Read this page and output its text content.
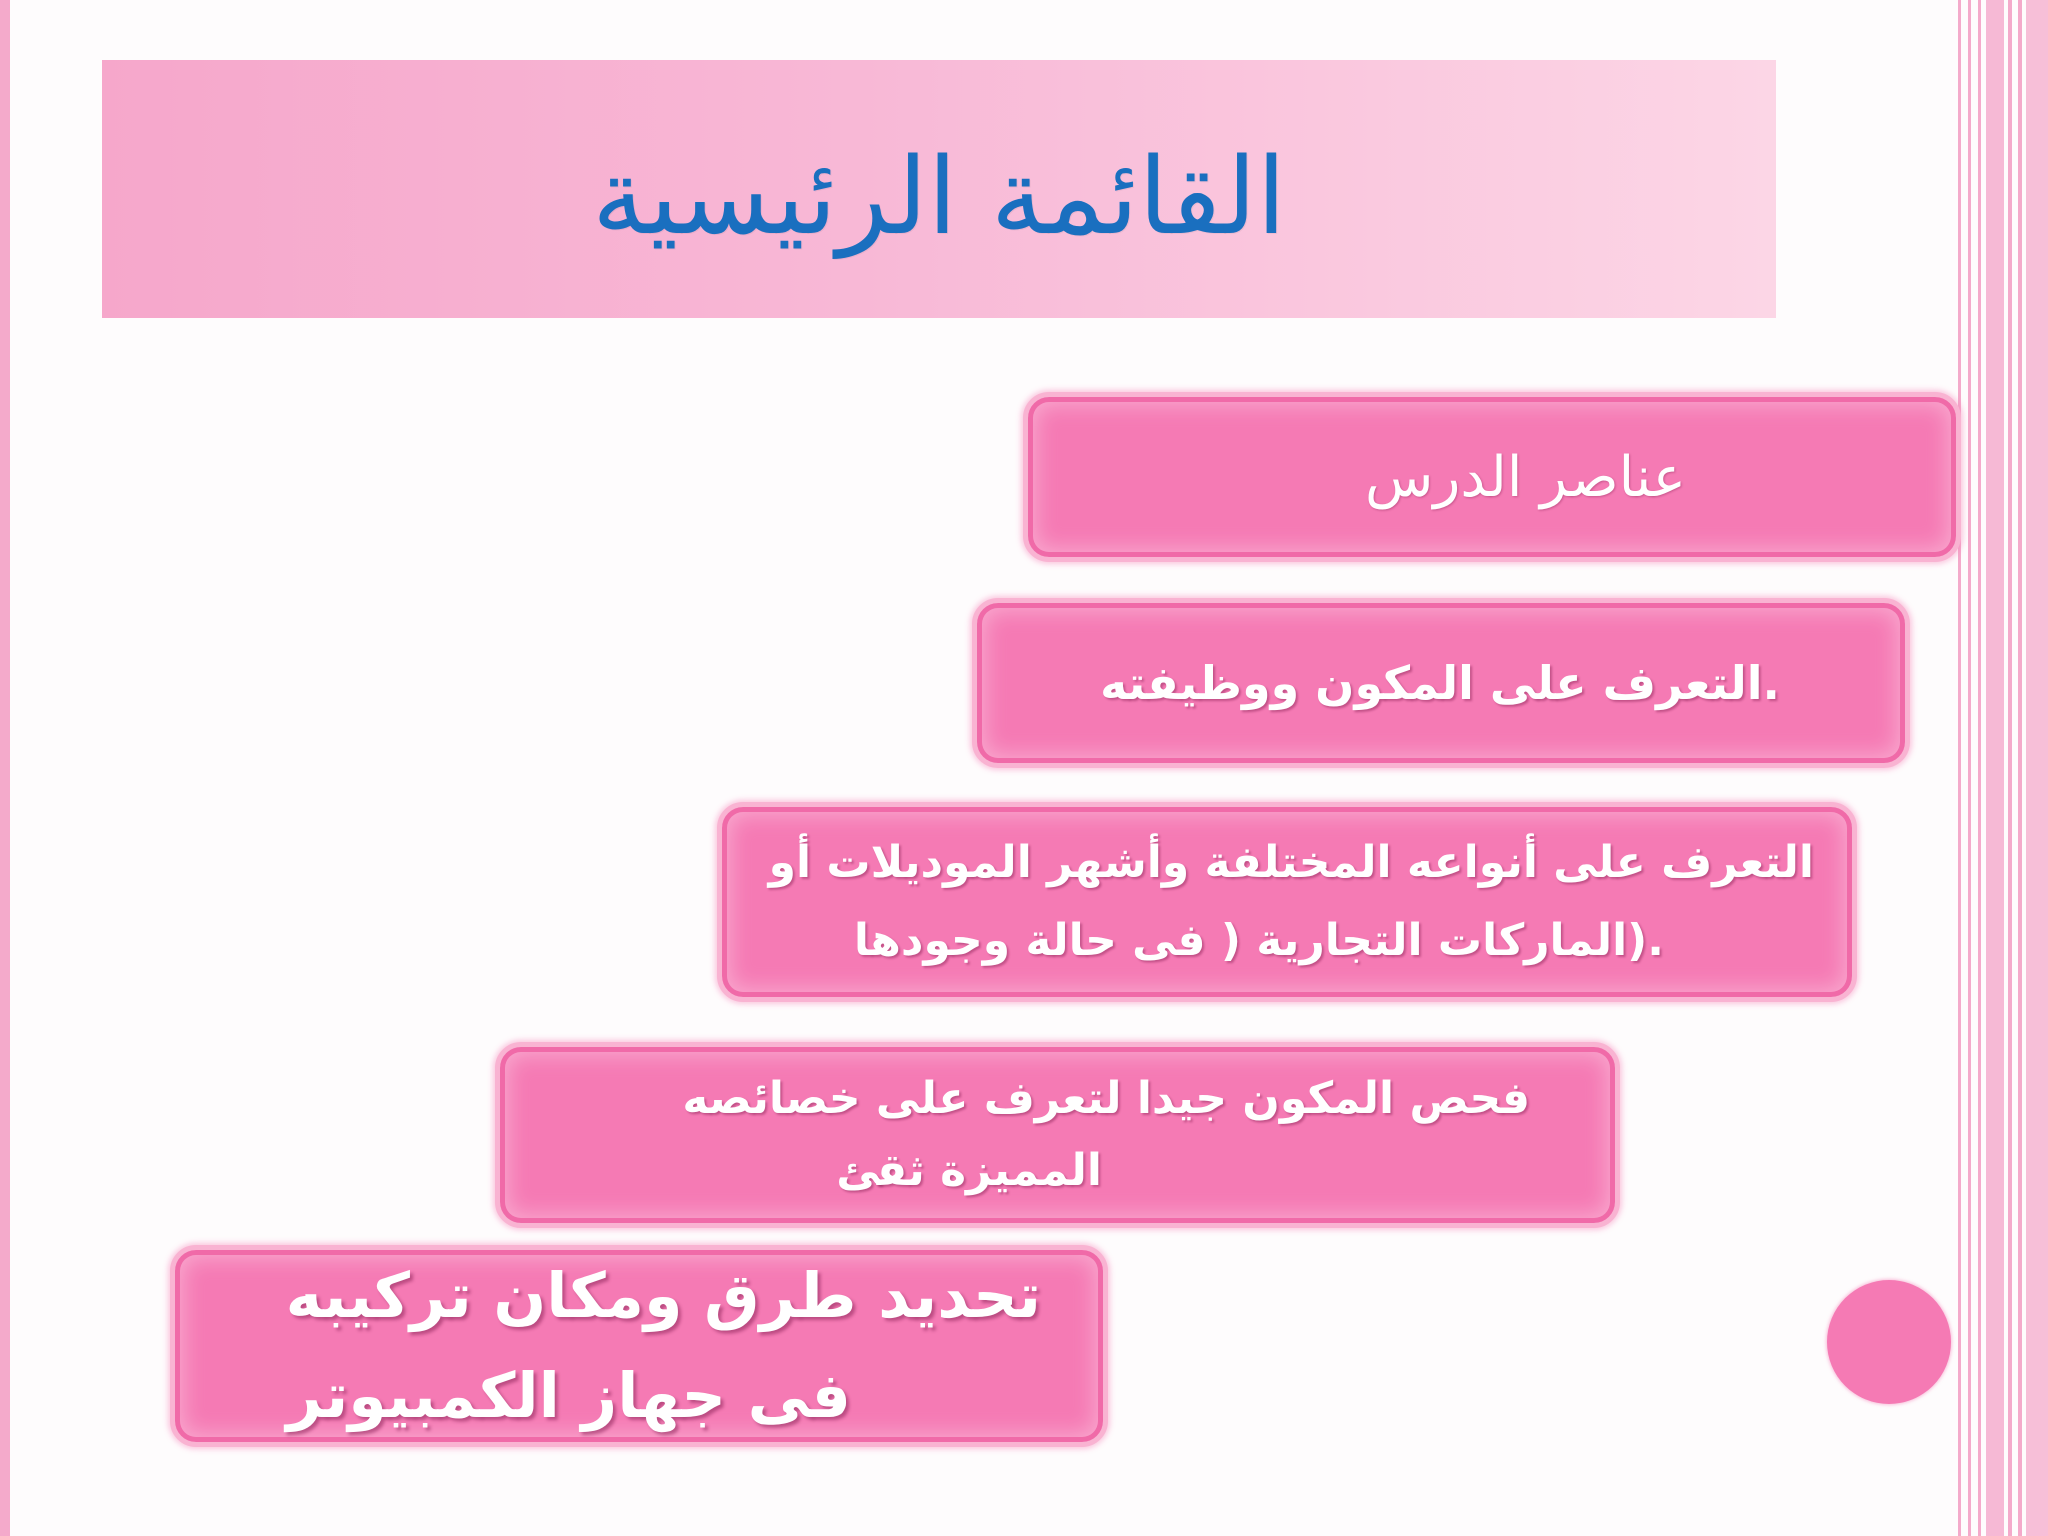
القائمة الرئيسية
عناصر الدرس
.التعرف على المكون ووظيفته
التعرف على أنواعه المختلفة وأشهر الموديلات أو
.(الماركات التجارية ( فى حالة وجودها
فحص المكون جيدا لتعرف على خصائصه
المميزة ثقئ
تحديد طرق ومكان تركيبه
فى جهاز الكمبيوتر
